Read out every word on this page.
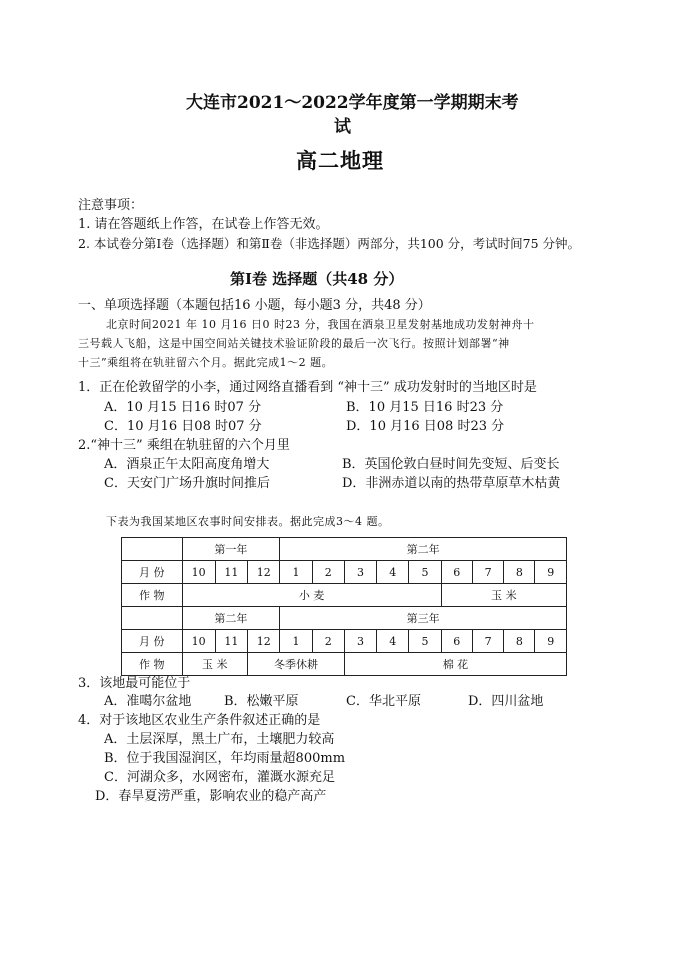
大连市2021～2022学年度第一学期期末考
试
高二地理
注意事项：
1. 请在答题纸上作答，在试卷上作答无效。
2. 本试卷分第Ⅰ卷（选择题）和第Ⅱ卷（非选择题）两部分，共100 分，考试时间75 分钟。
第Ⅰ卷 选择题（共48 分）
一、单项选择题（本题包括16 小题，每小题3 分，共48 分）
北京时间2021 年 10 月16 日0 时23 分，我国在酒泉卫星发射基地成功发射神舟十
三号载人飞船，这是中国空间站关键技术验证阶段的最后一次飞行。按照计划部署“神
十三”乘组将在轨驻留六个月。据此完成1～2 题。
1．正在伦敦留学的小李，通过网络直播看到 “神十三” 成功发射时的当地区时是
A．10 月15 日16 时07 分	B．10 月15 日16 时23 分
C．10 月16 日08 时07 分	D．10 月16 日08 时23 分
2.“神十三” 乘组在轨驻留的六个月里
A．酒泉正午太阳高度角增大	B．英国伦敦白昼时间先变短、后变长
C．天安门广场升旗时间推后	D．非洲赤道以南的热带草原草木枯黄
下表为我国某地区农事时间安排表。据此完成3～4 题。
	第一年			第二年								
月 份	10	11	12	1	2	3	4	5	6	7	8	9
作 物	小 麦								玉 米			
	第二年			第三年								
月 份	10	11	12	1	2	3	4	5	6	7	8	9
作 物	玉 米		冬季休耕			棉 花						
3．该地最可能位于
A．准噶尔盆地	B．松嫩平原	C．华北平原	D．四川盆地
4．对于该地区农业生产条件叙述正确的是
A．土层深厚，黑土广布，土壤肥力较高
B．位于我国湿润区，年均雨量超800mm
C．河湖众多，水网密布，灌溉水源充足
D．春旱夏涝严重，影响农业的稳产高产
